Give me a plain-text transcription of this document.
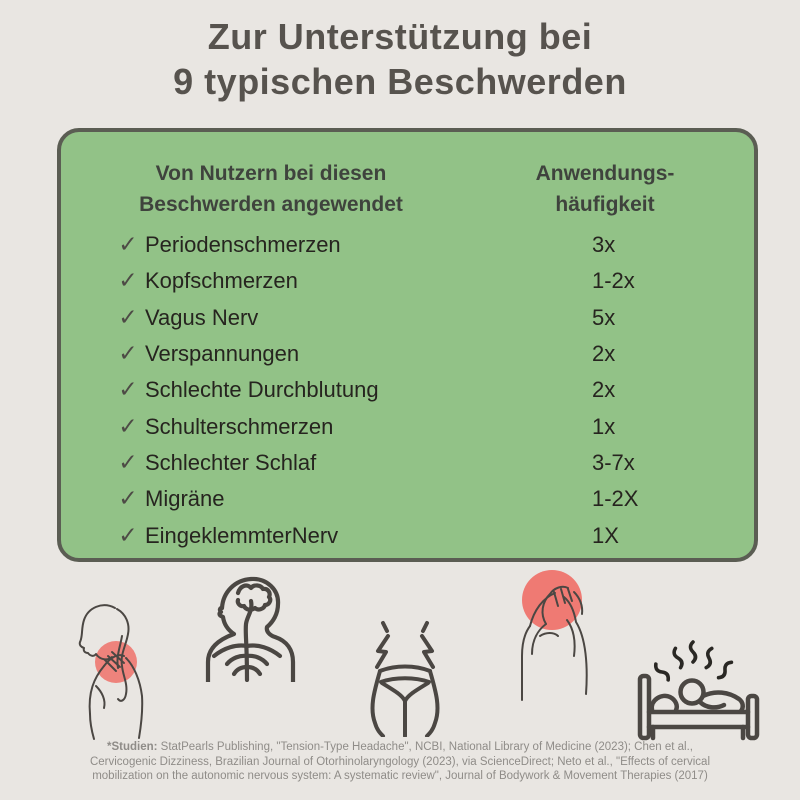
Zur Unterstützung bei
9 typischen Beschwerden
Von Nutzern bei diesen
Beschwerden angewendet
Anwendungs-
häufigkeit
✓ Periodenschmerzen	3x
✓ Kopfschmerzen	1-2x
✓ Vagus Nerv	5x
✓ Verspannungen	2x
✓ Schlechte Durchblutung	2x
✓ Schulterschmerzen	1x
✓ Schlechter Schlaf	3-7x
✓ Migräne	1-2X
✓ EingeklemmterNerv	1X
*Studien: StatPearls Publishing, "Tension-Type Headache", NCBI, National Library of Medicine (2023); Chen et al., Cervicogenic Dizziness, Brazilian Journal of Otorhinolaryngology (2023), via ScienceDirect; Neto et al., "Effects of cervical mobilization on the autonomic nervous system: A systematic review", Journal of Bodywork & Movement Therapies (2017)
